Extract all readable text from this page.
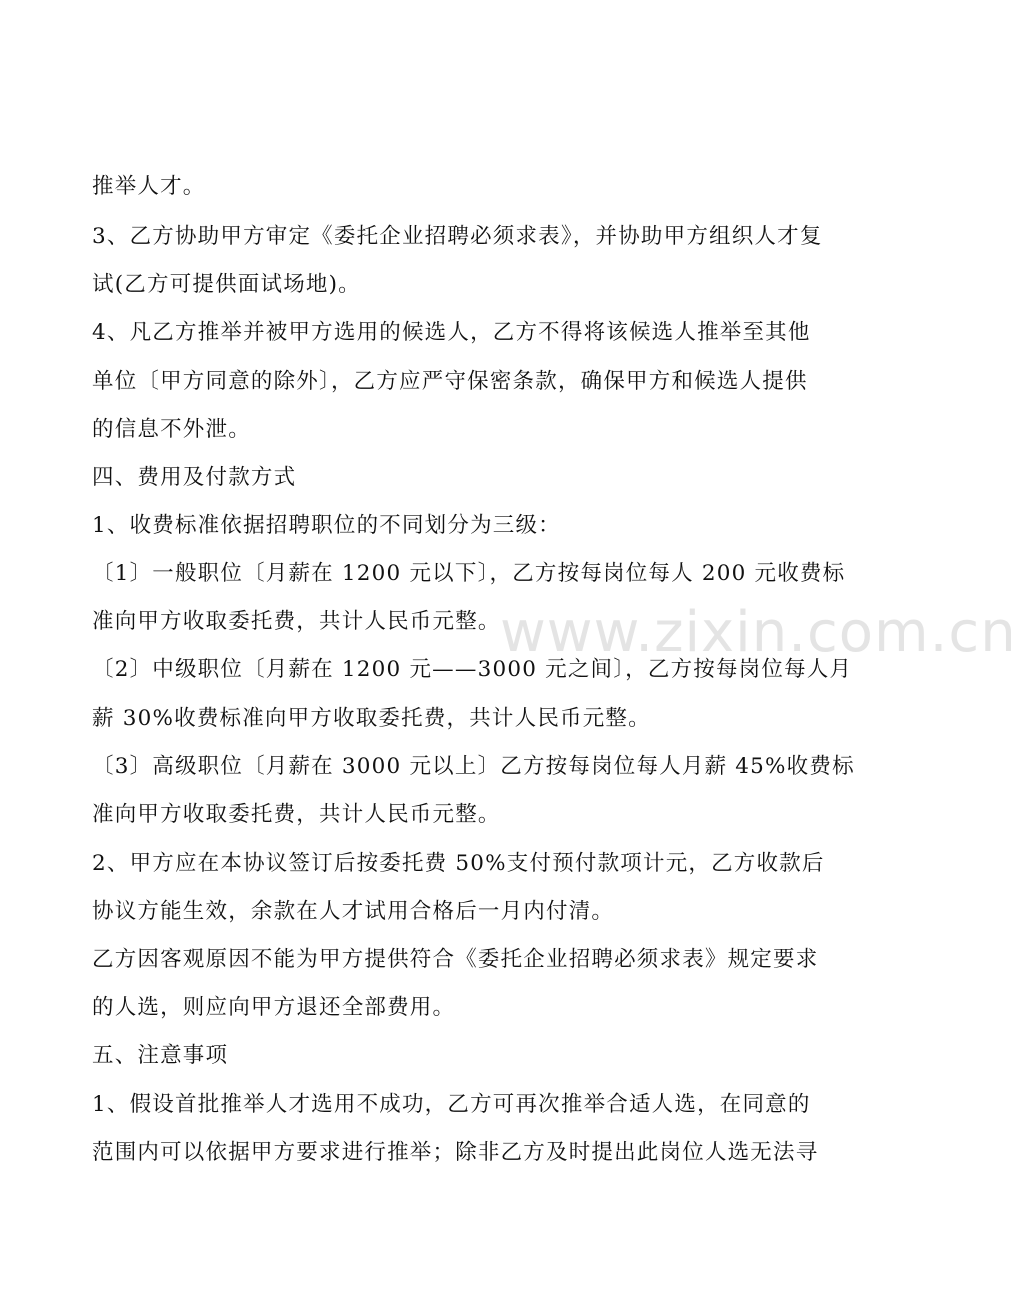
推举人才。
3、乙方协助甲方审定《委托企业招聘必须求表》，并协助甲方组织人才复
试(乙方可提供面试场地)。
4、凡乙方推举并被甲方选用的候选人，乙方不得将该候选人推举至其他
单位〔甲方同意的除外〕，乙方应严守保密条款，确保甲方和候选人提供
的信息不外泄。
四、费用及付款方式
1、收费标准依据招聘职位的不同划分为三级：
〔1〕一般职位〔月薪在 1200 元以下〕，乙方按每岗位每人 200 元收费标
准向甲方收取委托费，共计人民币元整。
〔2〕中级职位〔月薪在 1200 元——3000 元之间〕，乙方按每岗位每人月
薪 30%收费标准向甲方收取委托费，共计人民币元整。
〔3〕高级职位〔月薪在 3000 元以上〕乙方按每岗位每人月薪 45%收费标
准向甲方收取委托费，共计人民币元整。
2、甲方应在本协议签订后按委托费 50%支付预付款项计元，乙方收款后
协议方能生效，余款在人才试用合格后一月内付清。
乙方因客观原因不能为甲方提供符合《委托企业招聘必须求表》规定要求
的人选，则应向甲方退还全部费用。
五、注意事项
1、假设首批推举人才选用不成功，乙方可再次推举合适人选，在同意的
范围内可以依据甲方要求进行推举；除非乙方及时提出此岗位人选无法寻
www.zixin.com.cn
